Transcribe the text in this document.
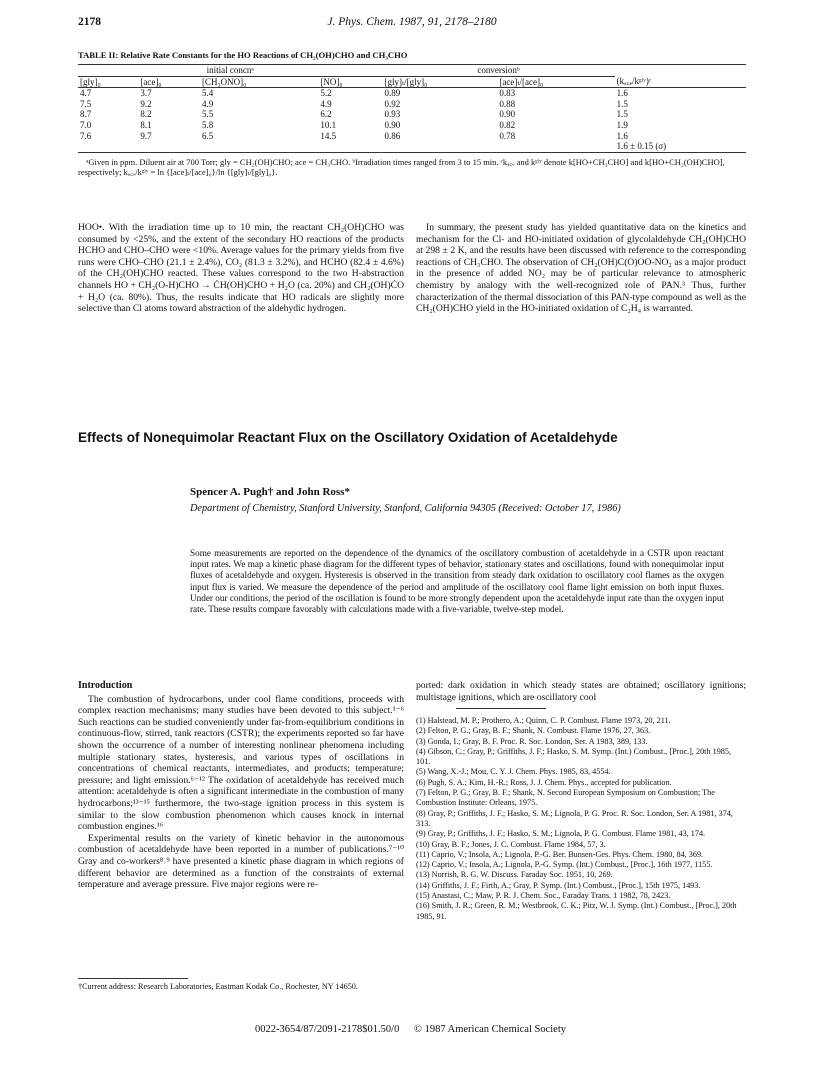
2178	J. Phys. Chem. 1987, 91, 2178–2180
TABLE II: Relative Rate Constants for the HO Reactions of CH₂(OH)CHO and CH₃CHO
initial concnᵃ				conversionᵇ		
[gly]₀	[ace]₀	[CH₃ONO]₀	[NO]₀	[gly]ₜ/[gly]₀	[ace]ₜ/[ace]₀	(kₐ꜀ₑ/kᵍˡʸ)ᶜ
4.7	3.7	5.4	5.2	0.89	0.83	1.6
7.5	9.2	4.9	4.9	0.92	0.88	1.5
8.7	8.2	5.5	6.2	0.93	0.90	1.5
7.0	8.1	5.8	10.1	0.90	0.82	1.9
7.6	9.7	6.5	14.5	0.86	0.78	1.6
						1.6 ± 0.15 (σ)
ᵃGiven in ppm. Diluent air at 700 Torr; gly = CH₂(OH)CHO; ace = CH₃CHO. ᵇIrradiation times ranged from 3 to 15 min. ᶜkₐ꜀ₑ and kᵍˡʸ denote k[HO+CH₃CHO] and k[HO+CH₂(OH)CHO], respectively; kₐ꜀ₑ/kᵍˡʸ = ln {[ace]ₜ/[ace]₀}/ln {[gly]ₜ/[gly]₀}.

HOO•. With the irradiation time up to 10 min, the reactant CH₂(OH)CHO was consumed by <25%, and the extent of the secondary HO reactions of the products HCHO and CHO–CHO were <10%. Average values for the primary yields from five runs were CHO–CHO (21.1 ± 2.4%), CO₂ (81.3 ± 3.2%), and HCHO (82.4 ± 4.6%) of the CH₂(OH)CHO reacted. These values correspond to the two H-abstraction channels HO + CH₂(O-H)CHO → ĊH(OH)CHO + H₂O (ca. 20%) and CH₂(OH)ĊO + H₂O (ca. 80%). Thus, the results indicate that HO radicals are slightly more selective than Cl atoms toward abstraction of the aldehydic hydrogen.

In summary, the present study has yielded quantitative data on the kinetics and mechanism for the Cl- and HO-initiated oxidation of glycolaldehyde CH₂(OH)CHO at 298 ± 2 K, and the results have been discussed with reference to the corresponding reactions of CH₃CHO. The observation of CH₂(OH)C(O)OO-NO₂ as a major product in the presence of added NO₂ may be of particular relevance to atmospheric chemistry by analogy with the well-recognized role of PAN.³ Thus, further characterization of the thermal dissociation of this PAN-type compound as well as the CH₂(OH)CHO yield in the HO-initiated oxidation of C₂H₄ is warranted.

Effects of Nonequimolar Reactant Flux on the Oscillatory Oxidation of Acetaldehyde
Spencer A. Pugh† and John Ross*
Department of Chemistry, Stanford University, Stanford, California 94305 (Received: October 17, 1986)
Some measurements are reported on the dependence of the dynamics of the oscillatory combustion of acetaldehyde in a CSTR upon reactant input rates. We map a kinetic phase diagram for the different types of behavior, stationary states and oscillations, found with nonequimolar input fluxes of acetaldehyde and oxygen. Hysteresis is observed in the transition from steady dark oxidation to oscillatory cool flames as the oxygen input flux is varied. We measure the dependence of the period and amplitude of the oscillatory cool flame light emission on both input fluxes. Under our conditions, the period of the oscillation is found to be more strongly dependent upon the acetaldehyde input rate than the oxygen input rate. These results compare favorably with calculations made with a five-variable, twelve-step model.
Introduction

The combustion of hydrocarbons, under cool flame conditions, proceeds with complex reaction mechanisms; many studies have been devoted to this subject.¹⁻⁶ Such reactions can be studied conveniently under far-from-equilibrium conditions in continuous-flow, stirred, tank reactors (CSTR); the experiments reported so far have shown the occurrence of a number of interesting nonlinear phenomena including multiple stationary states, hysteresis, and various types of oscillations in concentrations of chemical reactants, intermediates, and products; temperature; pressure; and light emission.⁶⁻¹² The oxidation of acetaldehyde has received much attention: acetaldehyde is often a significant intermediate in the combustion of many hydrocarbons;¹³⁻¹⁵ furthermore, the two-stage ignition process in this system is similar to the slow combustion phenomenon which causes knock in internal combustion engines.¹⁶

Experimental results on the variety of kinetic behavior in the autonomous combustion of acetaldehyde have been reported in a number of publications.⁷⁻¹⁰ Gray and co-workers⁸˒⁹ have presented a kinetic phase diagram in which regions of different behavior are determined as a function of the constraints of external temperature and average pressure. Five major regions were re-

ported: dark oxidation in which steady states are obtained; oscillatory ignitions; multistage ignitions, which are oscillatory cool

(1) Halstead, M. P.; Prothero, A.; Quinn, C. P. Combust. Flame 1973, 20, 211.
(2) Felton, P. G.; Gray, B. F.; Shank, N. Combust. Flame 1976, 27, 363.
(3) Gonda, I.; Gray, B. F. Proc. R. Soc. London, Ser. A 1983, 389, 133.
(4) Gibson, C.; Gray, P.; Griffiths, J. F.; Hasko, S. M. Symp. (Int.) Combust., [Proc.], 20th 1985, 101.
(5) Wang, X.-J.; Mou, C. Y. J. Chem. Phys. 1985, 83, 4554.
(6) Pugh, S. A.; Kim, H.-R.; Ross, J. J. Chem. Phys., accepted for publication.
(7) Felton, P. G.; Gray, B. F.; Shank, N. Second European Symposium on Combustion; The Combustion Institute: Orleans, 1975.
(8) Gray, P.; Griffiths, J. F.; Hasko, S. M.; Lignola, P. G. Proc. R. Soc. London, Ser. A 1981, 374, 313.
(9) Gray, P.; Griffiths, J. F.; Hasko, S. M.; Lignola, P. G. Combust. Flame 1981, 43, 174.
(10) Gray, B. F.; Jones, J. C. Combust. Flame 1984, 57, 3.
(11) Caprio, V.; Insola, A.; Lignola, P.-G. Ber. Bunsen-Ges. Phys. Chem. 1980, 84, 369.
(12) Caprio, V.; Insola, A.; Lignola, P.-G. Symp. (Int.) Combust., [Proc.], 16th 1977, 1155.
(13) Norrish, R. G. W. Discuss. Faraday Soc. 1951, 10, 269.
(14) Griffiths, J. F.; Firth, A.; Gray, P. Symp. (Int.) Combust., [Proc.], 15th 1975, 1493.
(15) Anastasi, C.; Maw, P. R. J. Chem. Soc., Faraday Trans. 1 1982, 78, 2423.
(16) Smith, J. R.; Green, R. M.; Westbrook, C. K.; Pitz, W. J. Symp. (Int.) Combust., [Proc.], 20th 1985, 91.
†Current address: Research Laboratories, Eastman Kodak Co., Rochester, NY 14650.
0022-3654/87/2091-2178$01.50/0 © 1987 American Chemical Society
